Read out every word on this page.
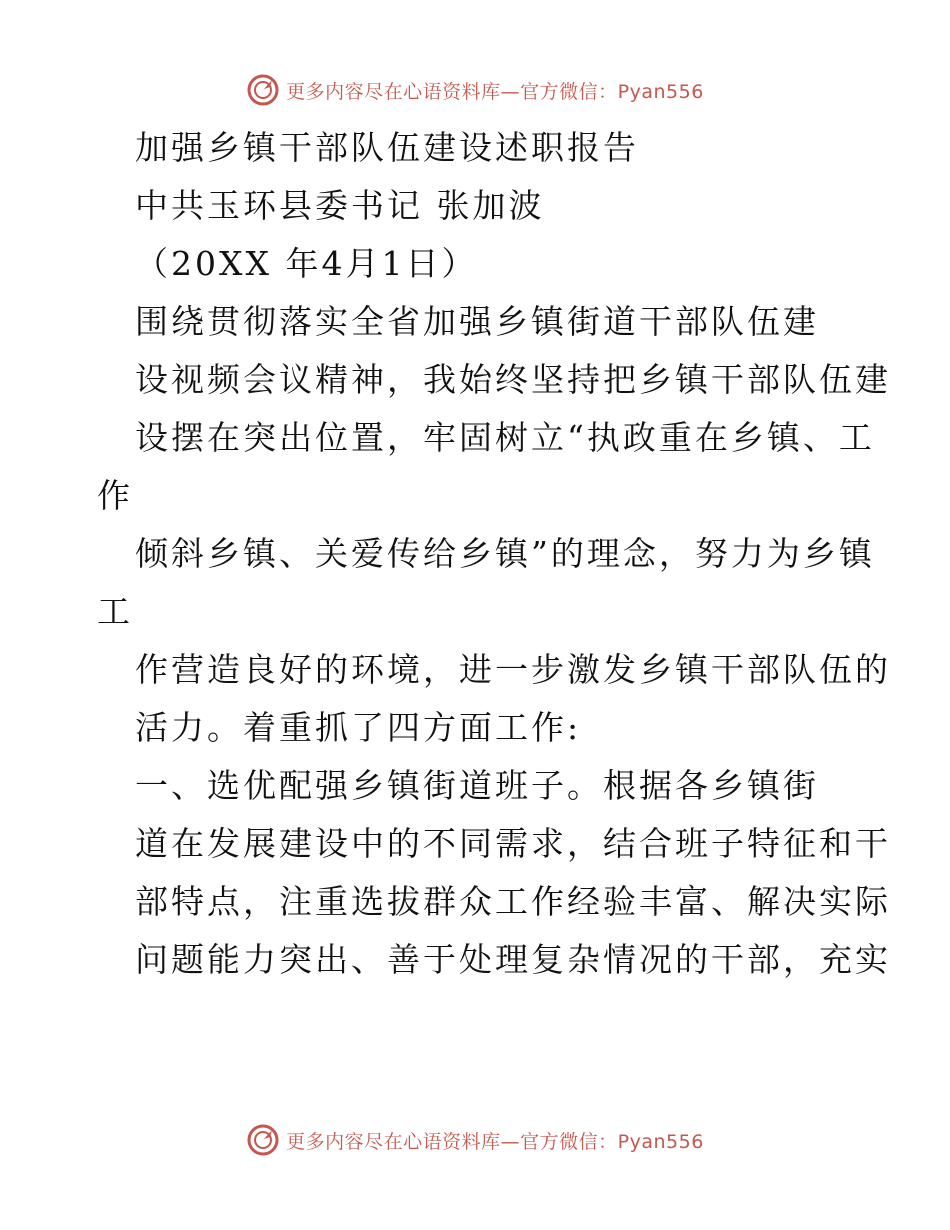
更多内容尽在心语资料库—官方微信：Pyan556
加强乡镇干部队伍建设述职报告
中共玉环县委书记 张加波
（20XX 年4月1日）
围绕贯彻落实全省加强乡镇街道干部队伍建
设视频会议精神，我始终坚持把乡镇干部队伍建
设摆在突出位置，牢固树立“执政重在乡镇、工
作
倾斜乡镇、关爱传给乡镇”的理念，努力为乡镇
工
作营造良好的环境，进一步激发乡镇干部队伍的
活力。着重抓了四方面工作:
一、选优配强乡镇街道班子。根据各乡镇街
道在发展建设中的不同需求，结合班子特征和干
部特点，注重选拔群众工作经验丰富、解决实际
问题能力突出、善于处理复杂情况的干部，充实
更多内容尽在心语资料库—官方微信：Pyan556
